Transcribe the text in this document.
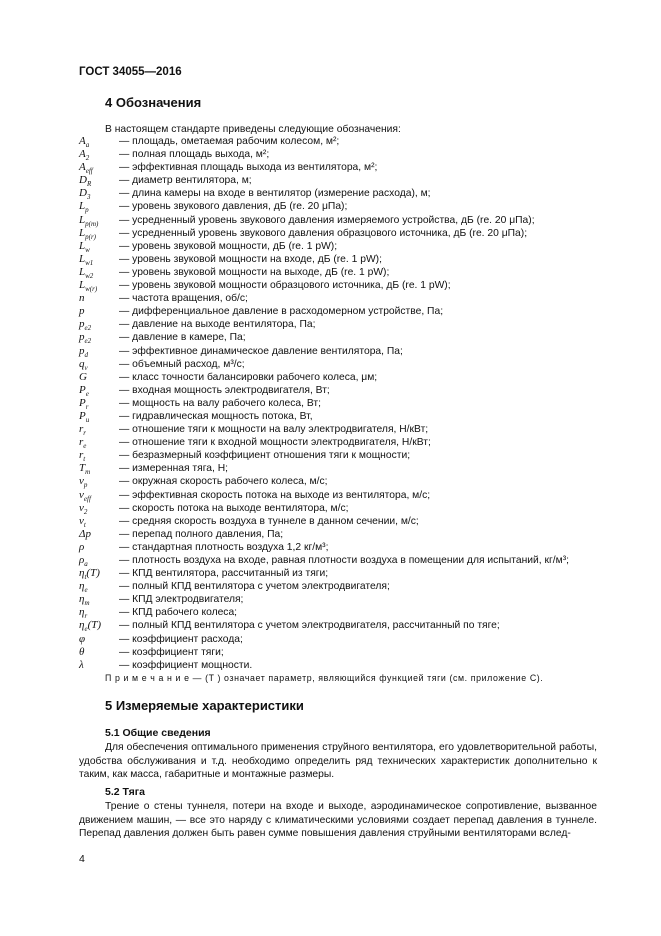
ГОСТ 34055—2016
4 Обозначения
В настоящем стандарте приведены следующие обозначения:
$A_a$	— площадь, ометаемая рабочим колесом, м²;
$A_2$	— полная площадь выхода, м²;
$A_{eff}$	— эффективная площадь выхода из вентилятора, м²;
$D_R$	— диаметр вентилятора, м;
$D_3$	— длина камеры на входе в вентилятор (измерение расхода), м;
$L_p$	— уровень звукового давления, дБ (re. 20 μПа);
$L_{p(m)}$	— усредненный уровень звукового давления измеряемого устройства, дБ (re. 20 μПа);
$L_{p(r)}$	— усредненный уровень звукового давления образцового источника, дБ (re. 20 μПа);
$L_w$	— уровень звуковой мощности, дБ (re. 1 pW);
$L_{w1}$	— уровень звуковой мощности на входе, дБ (re. 1 pW);
$L_{w2}$	— уровень звуковой мощности на выходе, дБ (re. 1 pW);
$L_{w(r)}$	— уровень звуковой мощности образцового источника, дБ (re. 1 pW);
n	— частота вращения, об/с;
p	— дифференциальное давление в расходомерном устройстве, Па;
$p_{e2}$	— давление на выходе вентилятора, Па;
$p_{e2}$	— давление в камере, Па;
$p_d$	— эффективное динамическое давление вентилятора, Па;
$q_v$	— объемный расход, м³/с;
G	— класс точности балансировки рабочего колеса, μм;
$P_e$	— входная мощность электродвигателя, Вт;
$P_r$	— мощность на валу рабочего колеса, Вт;
$P_u$	— гидравлическая мощность потока, Вт,
$r_r$	— отношение тяги к мощности на валу электродвигателя, Н/кВт;
$r_e$	— отношение тяги к входной мощности электродвигателя, Н/кВт;
$r_t$	— безразмерный коэффициент отношения тяги к мощности;
$T_m$	— измеренная тяга, Н;
$v_p$	— окружная скорость рабочего колеса, м/с;
$v_{eff}$	— эффективная скорость потока на выходе из вентилятора, м/с;
$v_2$	— скорость потока на выходе вентилятора, м/с;
$v_t$	— средняя скорость воздуха в туннеле в данном сечении, м/с;
Δp	— перепад полного давления, Па;
ρ	— стандартная плотность воздуха 1,2 кг/м³;
$\rho_a$	— плотность воздуха на входе, равная плотности воздуха в помещении для испытаний, кг/м³;
$\eta_t(T)$	— КПД вентилятора, рассчитанный из тяги;
$\eta_e$	— полный КПД вентилятора с учетом электродвигателя;
$\eta_m$	— КПД электродвигателя;
$\eta_r$	— КПД рабочего колеса;
$\eta_e(T)$	— полный КПД вентилятора с учетом электродвигателя, рассчитанный по тяге;
φ	— коэффициент расхода;
θ	— коэффициент тяги;
λ	— коэффициент мощности.
П р и м е ч а н и е — (T ) означает параметр, являющийся функцией тяги (см. приложение С).
5 Измеряемые характеристики
5.1 Общие сведения
Для обеспечения оптимального применения струйного вентилятора, его удовлетворительной работы, удобства обслуживания и т.д. необходимо определить ряд технических характеристик дополнительно к таким, как масса, габаритные и монтажные размеры.
5.2 Тяга
Трение о стены туннеля, потери на входе и выходе, аэродинамическое сопротивление, вызванное движением машин, — все это наряду с климатическими условиями создает перепад давления в туннеле. Перепад давления должен быть равен сумме повышения давления струйными вентиляторами вслед-
4
